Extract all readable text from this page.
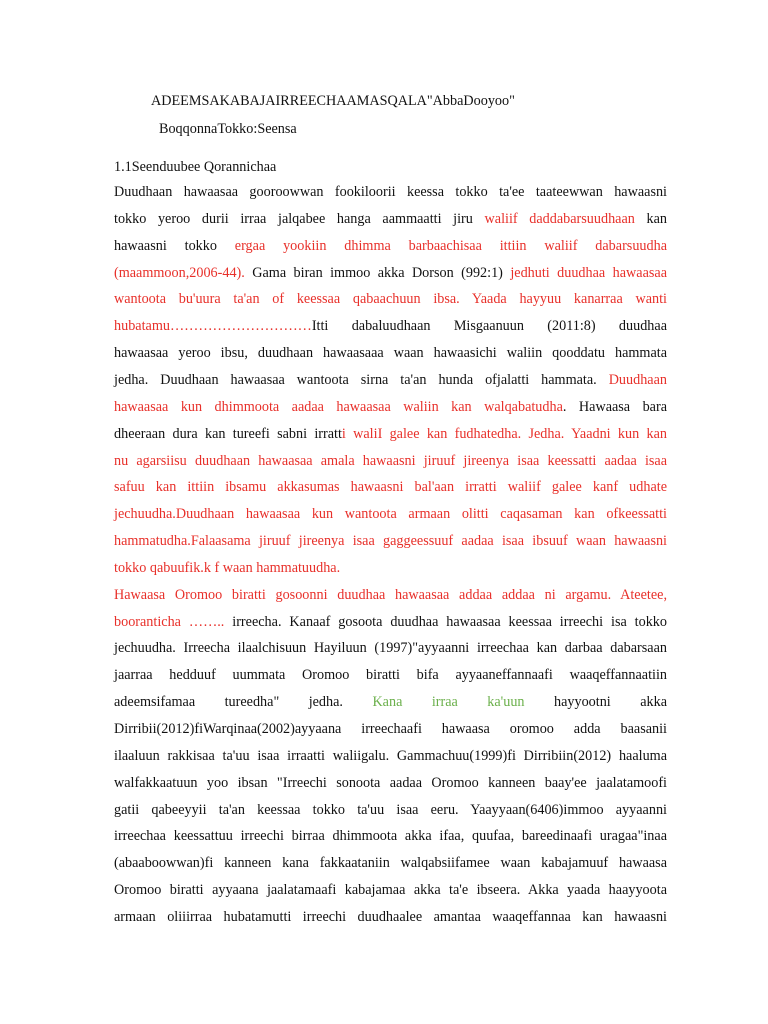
ADEEMSAKABAJAIRREECHAAMASQALA"AbbaDooyoo"
BoqqonnaTokko:Seensa
1.1Seenduubee Qorannichaa
Duudhaan hawaasaa gooroowwan fookiloorii keessa tokko ta'ee taateewwan hawaasni
tokko yeroo durii irraa jalqabee hanga aammaatti jiru waliif daddabarsuudhaan kan
hawaasni tokko ergaa yookiin dhimma barbaachisaa ittiin waliif dabarsuudha
(maammoon,2006-44). Gama biran immoo akka Dorson (992:1) jedhuti duudhaa hawaasaa
wantoota bu'uura ta'an of keessaa qabaachuun ibsa. Yaada hayyuu kanarraa wanti
hubatamu…………………………Itti dabaluudhaan Misgaanuun (2011:8) duudhaa
hawaasaa yeroo ibsu, duudhaan hawaasaaa waan hawaasichi waliin qooddatu hammata
jedha. Duudhaan hawaasaa wantoota sirna ta'an hunda ofjalatti hammata. Duudhaan
hawaasaa kun dhimmoota aadaa hawaasaa waliin kan walqabatudha. Hawaasa bara
dheeraan dura kan tureefi sabni irratti waliI galee kan fudhatedha. Jedha. Yaadni kun kan
nu agarsiisu duudhaan hawaasaa amala hawaasni jiruuf jireenya isaa keessatti aadaa isaa
safuu kan ittiin ibsamu akkasumas hawaasni bal'aan irratti waliif galee kanf udhate
jechuudha.Duudhaan hawaasaa kun wantoota armaan olitti caqasaman kan ofkeessatti
hammatudha.Falaasama jiruuf jireenya isaa gaggeessuuf aadaa isaa ibsuuf waan hawaasni
tokko qabuufik.k f waan hammatuudha.
Hawaasa Oromoo biratti gosoonni duudhaa hawaasaa addaa addaa ni argamu. Ateetee,
booranticha …….. irreecha. Kanaaf gosoota duudhaa hawaasaa keessaa irreechi isa tokko
jechuudha. Irreecha ilaalchisuun Hayiluun (1997)"ayyaanni irreechaa kan darbaa dabarsaan
jaarraa hedduuf uummata Oromoo biratti bifa ayyaaneffannaafi waaqeffannaatiin
adeemsifamaa tureedha" jedha. Kana irraa ka'uun hayyootni akka
Dirribii(2012)fiWarqinaa(2002)ayyaana irreechaafi hawaasa oromoo adda baasanii
ilaaluun rakkisaa ta'uu isaa irraatti waliigalu. Gammachuu(1999)fi Dirribiin(2012) haaluma
walfakkaatuun yoo ibsan "Irreechi sonoota aadaa Oromoo kanneen baay'ee jaalatamoofi
gatii qabeeyyii ta'an keessaa tokko ta'uu isaa eeru. Yaayyaan(6406)immoo ayyaanni
irreechaa keessattuu irreechi birraa dhimmoota akka ifaa, quufaa, bareedinaafi uragaa"inaa
(abaaboowwan)fi kanneen kana fakkaataniin walqabsiifamee waan kabajamuuf hawaasa
Oromoo biratti ayyaana jaalatamaafi kabajamaa akka ta'e ibseera. Akka yaada haayyoota
armaan oliiirraa hubatamutti irreechi duudhaalee amantaa waaqeffannaa kan hawaasni
